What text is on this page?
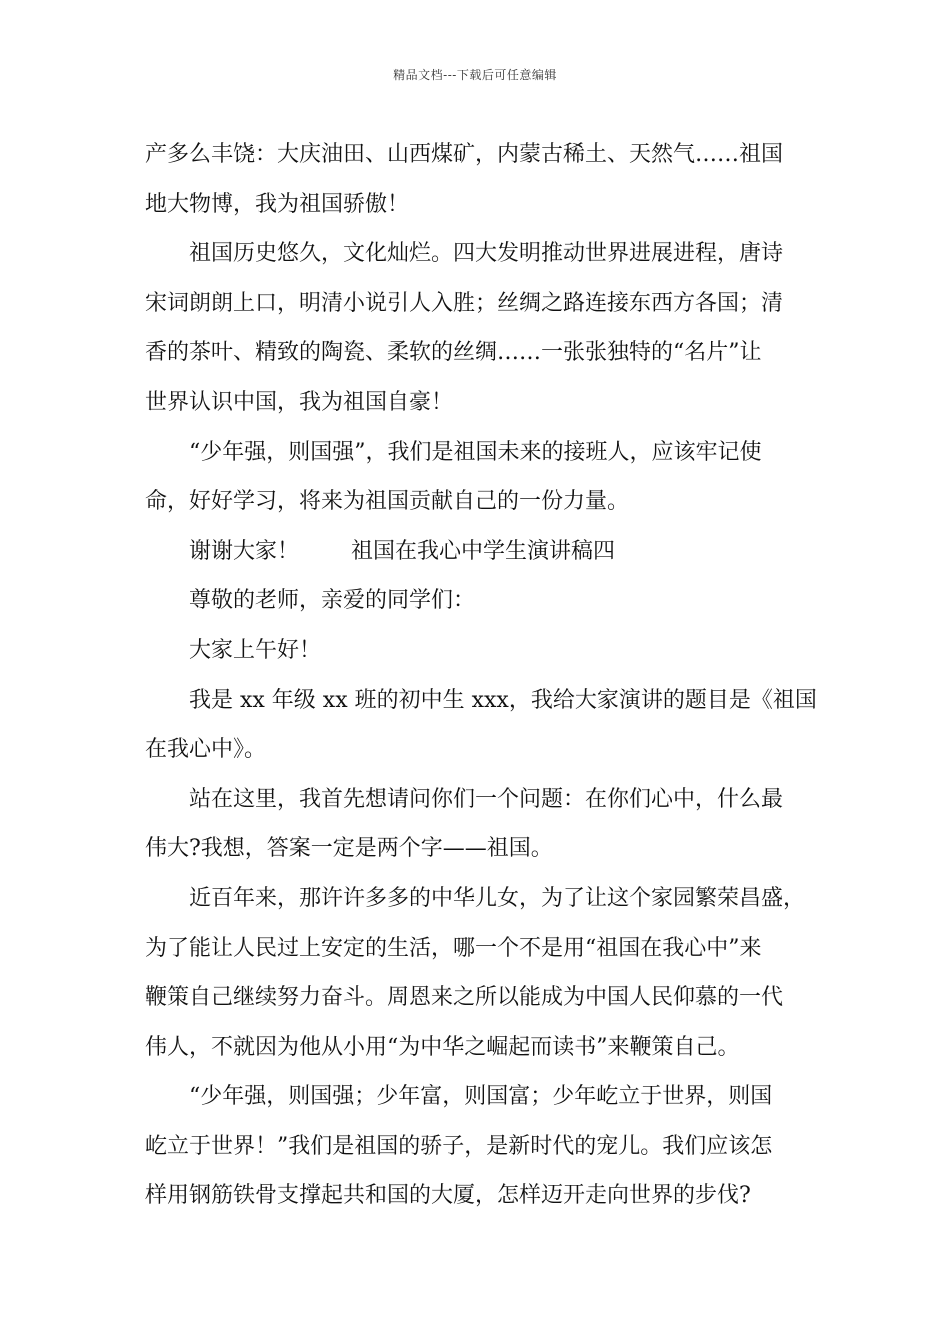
精品文档---下载后可任意编辑
产多么丰饶：大庆油田、山西煤矿，内蒙古稀土、天然气……祖国
地大物博，我为祖国骄傲！
祖国历史悠久，文化灿烂。四大发明推动世界进展进程，唐诗
宋词朗朗上口，明清小说引人入胜；丝绸之路连接东西方各国；清
香的茶叶、精致的陶瓷、柔软的丝绸……一张张独特的“名片”让
世界认识中国，我为祖国自豪！
“少年强，则国强”，我们是祖国未来的接班人，应该牢记使
命，好好学习，将来为祖国贡献自己的一份力量。
谢谢大家！ 祖国在我心中学生演讲稿四
尊敬的老师，亲爱的同学们：
大家上午好！
我是 xx 年级 xx 班的初中生 xxx，我给大家演讲的题目是《祖国
在我心中》。
站在这里，我首先想请问你们一个问题：在你们心中，什么最
伟大?我想，答案一定是两个字——祖国。
近百年来，那许许多多的中华儿女，为了让这个家园繁荣昌盛，
为了能让人民过上安定的生活，哪一个不是用“祖国在我心中”来
鞭策自己继续努力奋斗。周恩来之所以能成为中国人民仰慕的一代
伟人，不就因为他从小用“为中华之崛起而读书”来鞭策自己。
“少年强，则国强；少年富，则国富；少年屹立于世界，则国
屹立于世界！”我们是祖国的骄子，是新时代的宠儿。我们应该怎
样用钢筋铁骨支撑起共和国的大厦，怎样迈开走向世界的步伐?
